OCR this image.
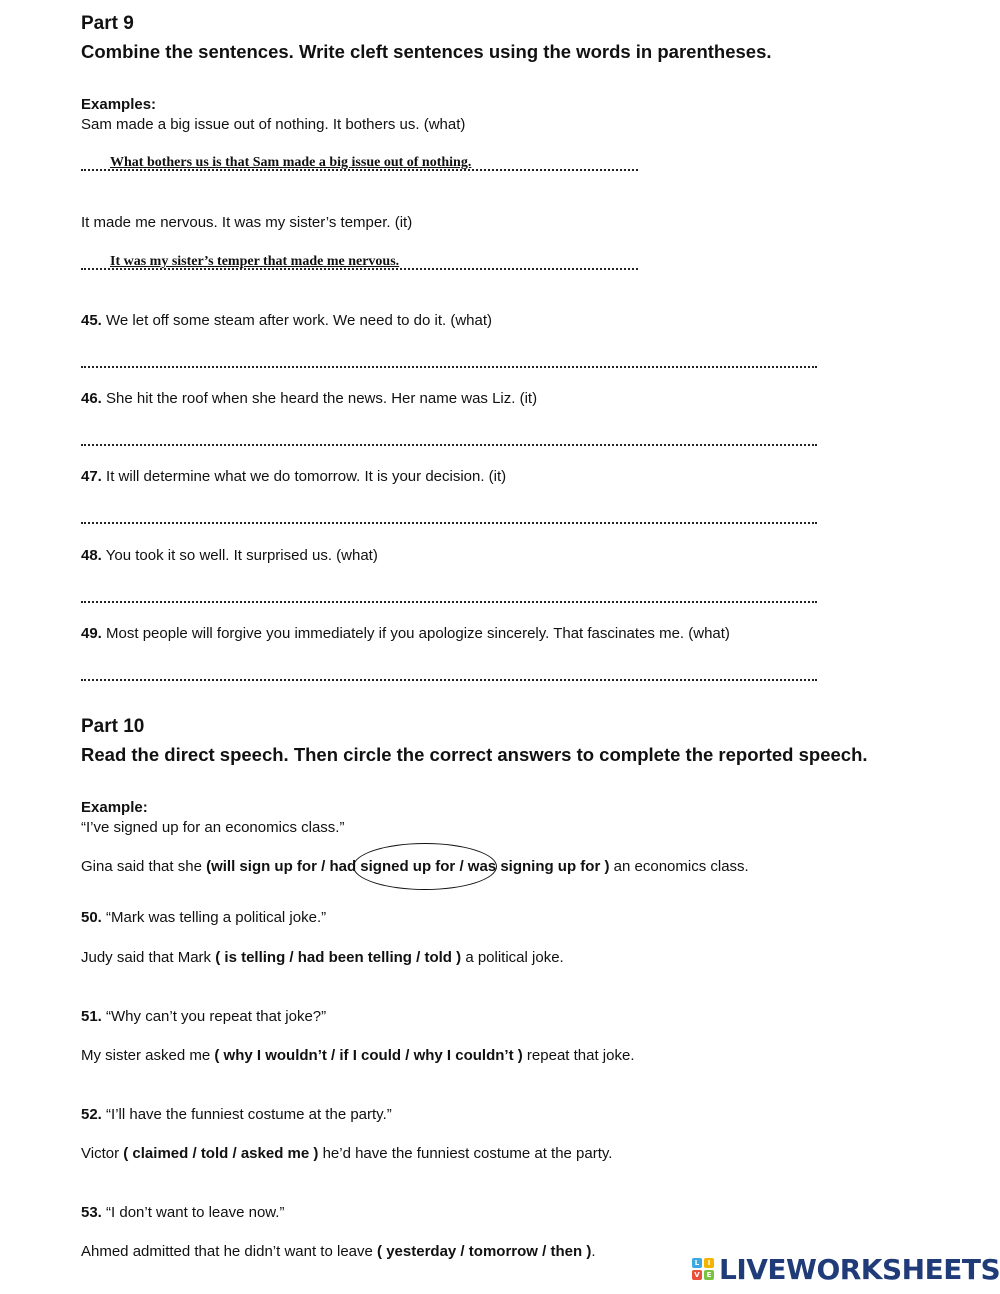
Part 9
Combine the sentences. Write cleft sentences using the words in parentheses.
Examples:
Sam made a big issue out of nothing. It bothers us. (what)
What bothers us is that Sam made a big issue out of nothing.
It made me nervous. It was my sister’s temper. (it)
It was my sister’s temper that made me nervous.
45. We let off some steam after work. We need to do it. (what)
46. She hit the roof when she heard the news. Her name was Liz. (it)
47. It will determine what we do tomorrow. It is your decision. (it)
48. You took it so well. It surprised us. (what)
49. Most people will forgive you immediately if you apologize sincerely. That fascinates me. (what)
Part 10
Read the direct speech. Then circle the correct answers to complete the reported speech.
Example:
“I’ve signed up for an economics class.”
Gina said that she (will sign up for / had signed up for / was signing up for ) an economics class.
50. “Mark was telling a political joke.”
Judy said that Mark ( is telling / had been telling / told ) a political joke.
51. “Why can’t you repeat that joke?”
My sister asked me ( why I wouldn’t / if I could / why I couldn’t ) repeat that joke.
52. “I’ll have the funniest costume at the party.”
Victor ( claimed / told / asked me ) he’d have the funniest costume at the party.
53. “I don’t want to leave now.”
Ahmed admitted that he didn’t want to leave ( yesterday / tomorrow / then ).
L	I
V E LIVEWORKSHEETS
